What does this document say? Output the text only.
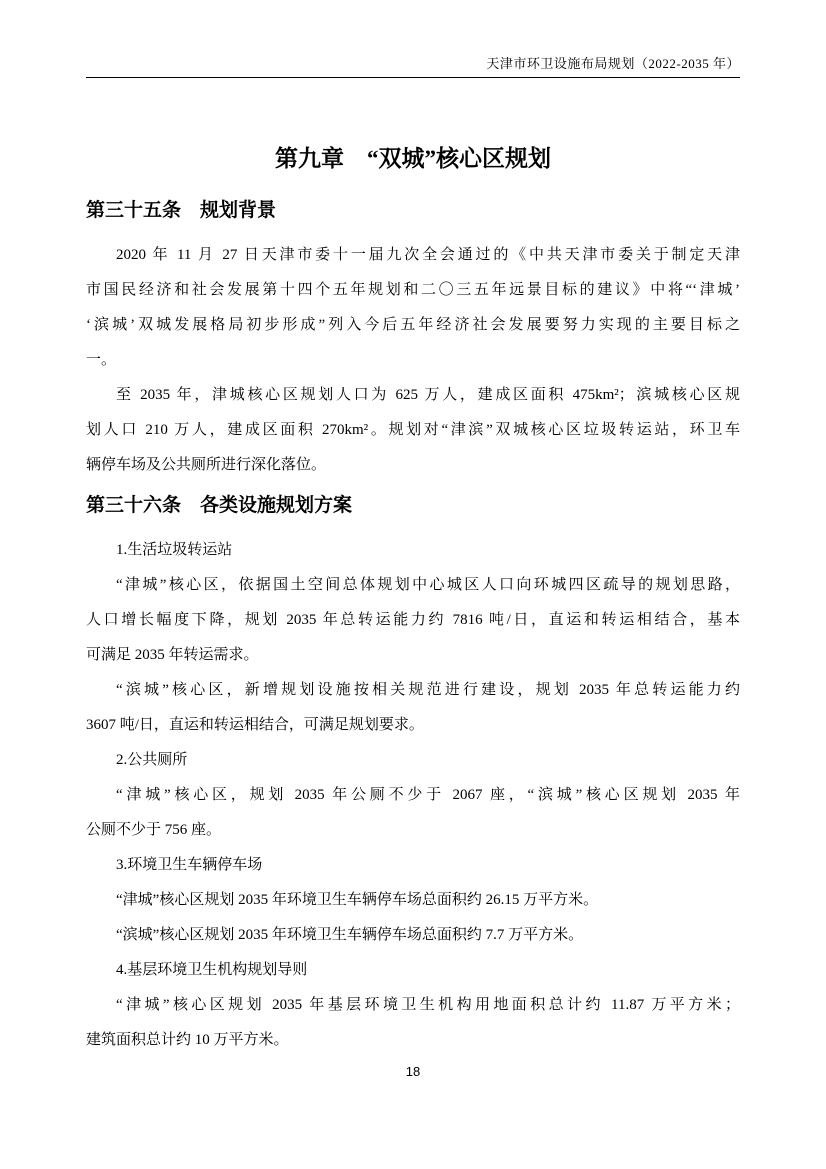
天津市环卫设施布局规划（2022-2035 年）
第九章　“双城”核心区规划
第三十五条　规划背景
2020 年 11 月 27 日天津市委十一届九次全会通过的《中共天津市委关于制定天津
市国民经济和社会发展第十四个五年规划和二〇三五年远景目标的建议》中将“‘津城’
‘滨城’双城发展格局初步形成”列入今后五年经济社会发展要努力实现的主要目标之
一。
至 2035 年，津城核心区规划人口为 625 万人，建成区面积 475km²；滨城核心区规
划人口 210 万人，建成区面积 270km²。规划对“津滨”双城核心区垃圾转运站，环卫车
辆停车场及公共厕所进行深化落位。
第三十六条　各类设施规划方案
1.生活垃圾转运站
“津城”核心区，依据国土空间总体规划中心城区人口向环城四区疏导的规划思路，
人口增长幅度下降，规划 2035 年总转运能力约 7816 吨/日，直运和转运相结合，基本
可满足 2035 年转运需求。
“滨城”核心区，新增规划设施按相关规范进行建设，规划 2035 年总转运能力约
3607 吨/日，直运和转运相结合，可满足规划要求。
2.公共厕所
“津城”核心区，规划 2035 年公厕不少于 2067 座，“滨城”核心区规划 2035 年
公厕不少于 756 座。
3.环境卫生车辆停车场
“津城”核心区规划 2035 年环境卫生车辆停车场总面积约 26.15 万平方米。
“滨城”核心区规划 2035 年环境卫生车辆停车场总面积约 7.7 万平方米。
4.基层环境卫生机构规划导则
“津城”核心区规划 2035 年基层环境卫生机构用地面积总计约 11.87 万平方米；
建筑面积总计约 10 万平方米。
18
